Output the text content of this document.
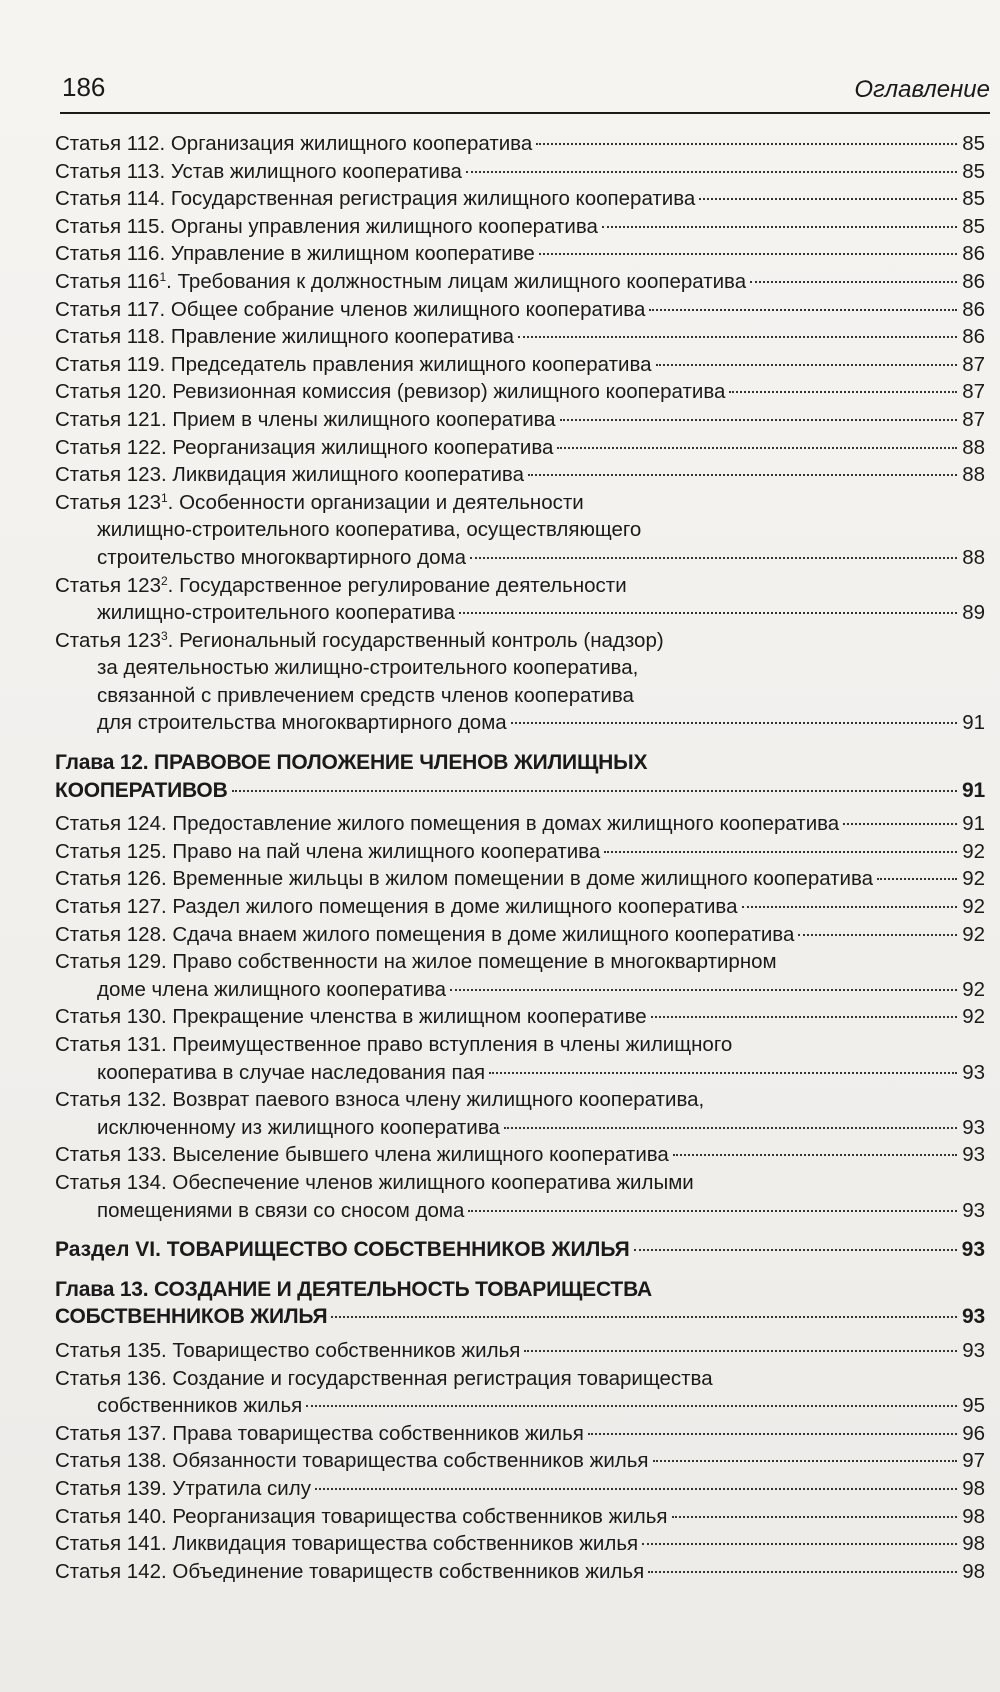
186	Оглавление
Статья 112. Организация жилищного кооператива	85
Статья 113. Устав жилищного кооператива	85
Статья 114. Государственная регистрация жилищного кооператива	85
Статья 115. Органы управления жилищного кооператива	85
Статья 116. Управление в жилищном кооперативе	86
Статья $116^1$. Требования к должностным лицам жилищного кооператива	86
Статья 117. Общее собрание членов жилищного кооператива	86
Статья 118. Правление жилищного кооператива	86
Статья 119. Председатель правления жилищного кооператива	87
Статья 120. Ревизионная комиссия (ревизор) жилищного кооператива	87
Статья 121. Прием в члены жилищного кооператива	87
Статья 122. Реорганизация жилищного кооператива	88
Статья 123. Ликвидация жилищного кооператива	88
Статья $123^1$. Особенности организации и деятельности
жилищно-строительного кооператива, осуществляющего
строительство многоквартирного дома	88
Статья $123^2$. Государственное регулирование деятельности
жилищно-строительного кооператива	89
Статья $123^3$. Региональный государственный контроль (надзор)
за деятельностью жилищно-строительного кооператива,
связанной с привлечением средств членов кооператива
для строительства многоквартирного дома	91
Глава 12. ПРАВОВОЕ ПОЛОЖЕНИЕ ЧЛЕНОВ ЖИЛИЩНЫХ
КООПЕРАТИВОВ	91
Статья 124. Предоставление жилого помещения в домах жилищного кооператива	91
Статья 125. Право на пай члена жилищного кооператива	92
Статья 126. Временные жильцы в жилом помещении в доме жилищного кооператива	92
Статья 127. Раздел жилого помещения в доме жилищного кооператива	92
Статья 128. Сдача внаем жилого помещения в доме жилищного кооператива	92
Статья 129. Право собственности на жилое помещение в многоквартирном
доме члена жилищного кооператива	92
Статья 130. Прекращение членства в жилищном кооперативе	92
Статья 131. Преимущественное право вступления в члены жилищного
кооператива в случае наследования пая	93
Статья 132. Возврат паевого взноса члену жилищного кооператива,
исключенному из жилищного кооператива	93
Статья 133. Выселение бывшего члена жилищного кооператива	93
Статья 134. Обеспечение членов жилищного кооператива жилыми
помещениями в связи со сносом дома	93
Раздел VI. ТОВАРИЩЕСТВО СОБСТВЕННИКОВ ЖИЛЬЯ	93
Глава 13. СОЗДАНИЕ И ДЕЯТЕЛЬНОСТЬ ТОВАРИЩЕСТВА
СОБСТВЕННИКОВ ЖИЛЬЯ	93
Статья 135. Товарищество собственников жилья	93
Статья 136. Создание и государственная регистрация товарищества
собственников жилья	95
Статья 137. Права товарищества собственников жилья	96
Статья 138. Обязанности товарищества собственников жилья	97
Статья 139. Утратила силу	98
Статья 140. Реорганизация товарищества собственников жилья	98
Статья 141. Ликвидация товарищества собственников жилья	98
Статья 142. Объединение товариществ собственников жилья	98
